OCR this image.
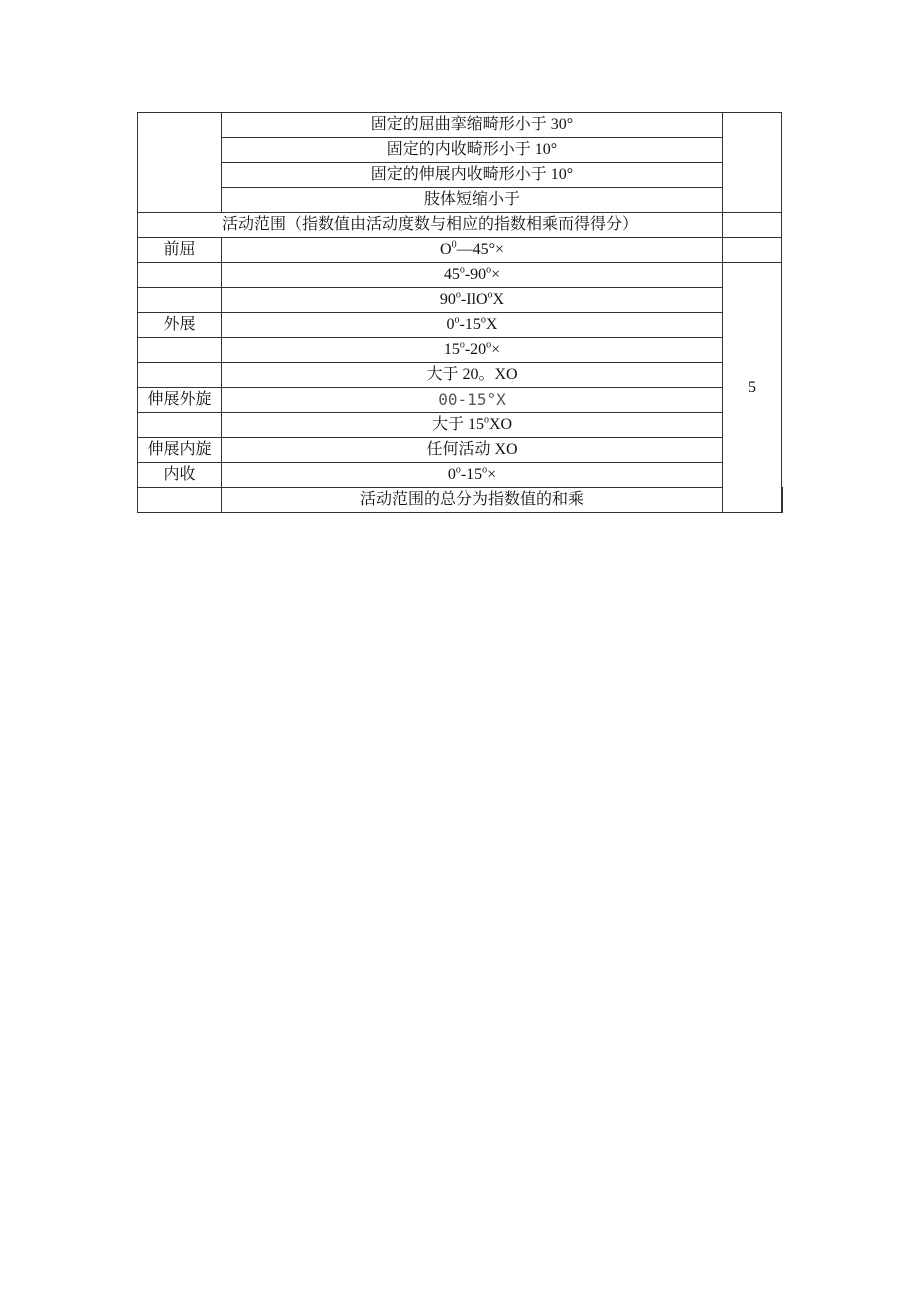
	固定的屈曲挛缩畸形小于 30°		
	固定的内收畸形小于 10°		
	固定的伸展内收畸形小于 10°		
	肢体短缩小于		
活动范围（指数值由活动度数与相应的指数相乘而得得分）			
前屈	$O^0—45^\circ\times$		
	$45^o-90^o\times$	5	
	90$^o$-IlO$^o$X		
外展	0$^o$-15$^o$X		
	$15^o-20^o\times$		
	大于 20。XO		
伸展外旋	00-15°X		
	大于 15$^o$XO		
伸展内旋	任何活动 XO		
内收	$0^o-15^o\times$		
	活动范围的总分为指数值的和乘		
